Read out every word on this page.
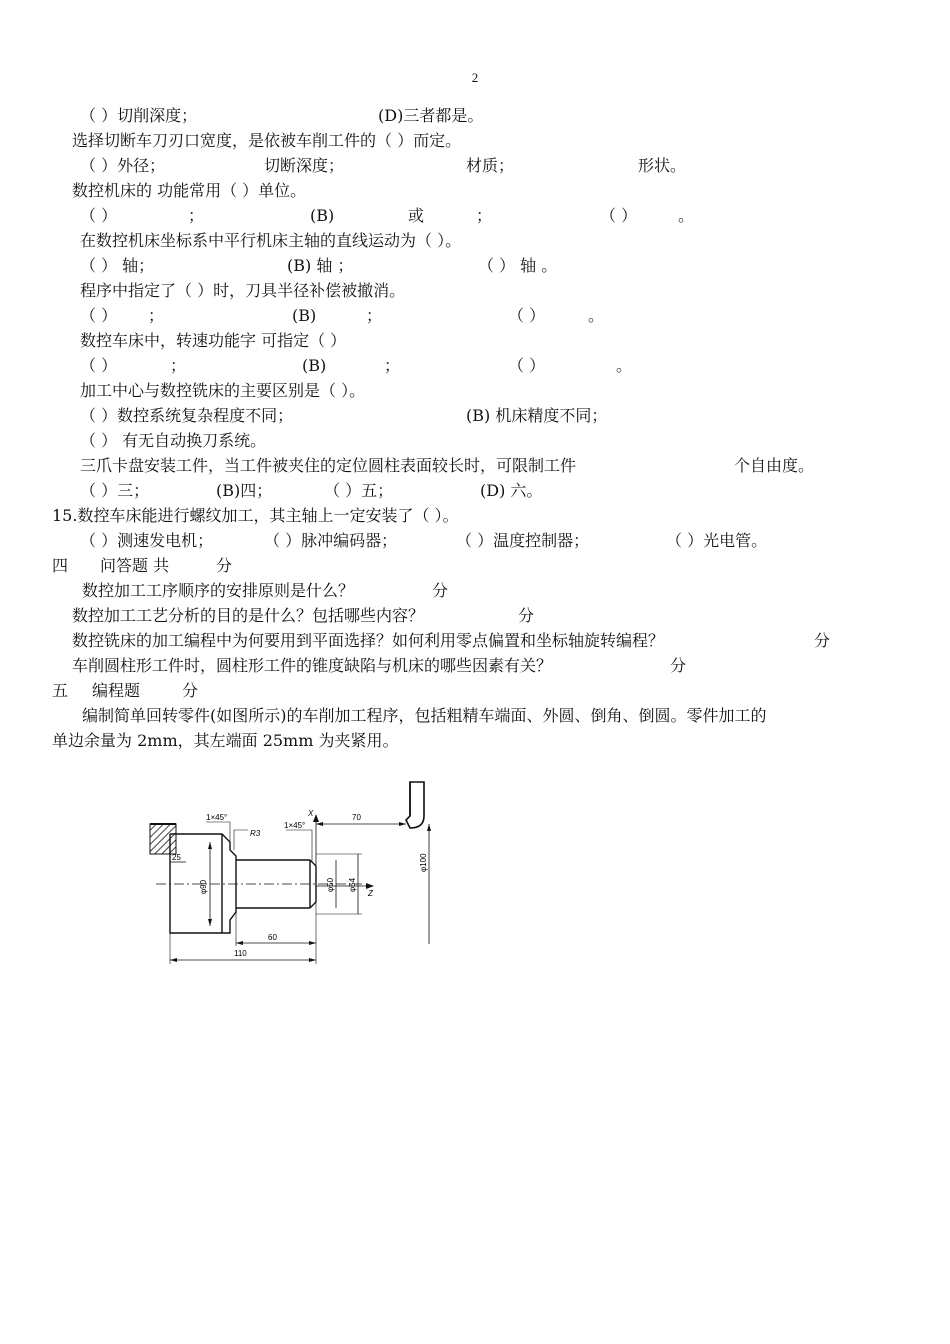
2
（ ）切削深度；	(D)三者都是。
选择切断车刀刃口宽度，是依被车削工件的（ ）而定。
（ ）外径；	切断深度；	材质；	形状。
数控机床的 功能常用（ ）单位。
（ ）	；	(B)	或	；	（ ）	。
在数控机床坐标系中平行机床主轴的直线运动为（ ）。
（ ） 轴；	(B) 轴 ；	（ ） 轴 。
程序中指定了（ ）时，刀具半径补偿被撤消。
（ ） ；	(B)	；	（ ）	。
数控车床中，转速功能字 可指定（ ）
（ ）	；	(B)	；	（ ）	。
加工中心与数控铣床的主要区别是（ ）。
（ ）数控系统复杂程度不同；	(B) 机床精度不同；
（ ） 有无自动换刀系统。
三爪卡盘安装工件，当工件被夹住的定位圆柱表面较长时，可限制工件	个自由度。
（ ）三；	(B)四；	（ ）五；	(D) 六。
15.数控车床能进行螺纹加工，其主轴上一定安装了（ ）。
（ ）测速发电机；	（ ）脉冲编码器；	（ ）温度控制器；	（ ）光电管。
四 问答题 共	分
数控加工工序顺序的安排原则是什么？	分
数控加工工艺分析的目的是什么？包括哪些内容？	分
数控铣床的加工编程中为何要用到平面选择？如何利用零点偏置和坐标轴旋转编程？	分
车削圆柱形工件时，圆柱形工件的锥度缺陷与机床的哪些因素有关？	分
五 编程题	分
编制简单回转零件(如图所示)的车削加工程序，包括粗精车端面、外圆、倒角、倒圆。零件加工的
单边余量为 2mm，其左端面 25mm 为夹紧用。
1×45°
R3
1×45°
X	70
Z
25
60
110
φ90	φ50 φ54
φ100
